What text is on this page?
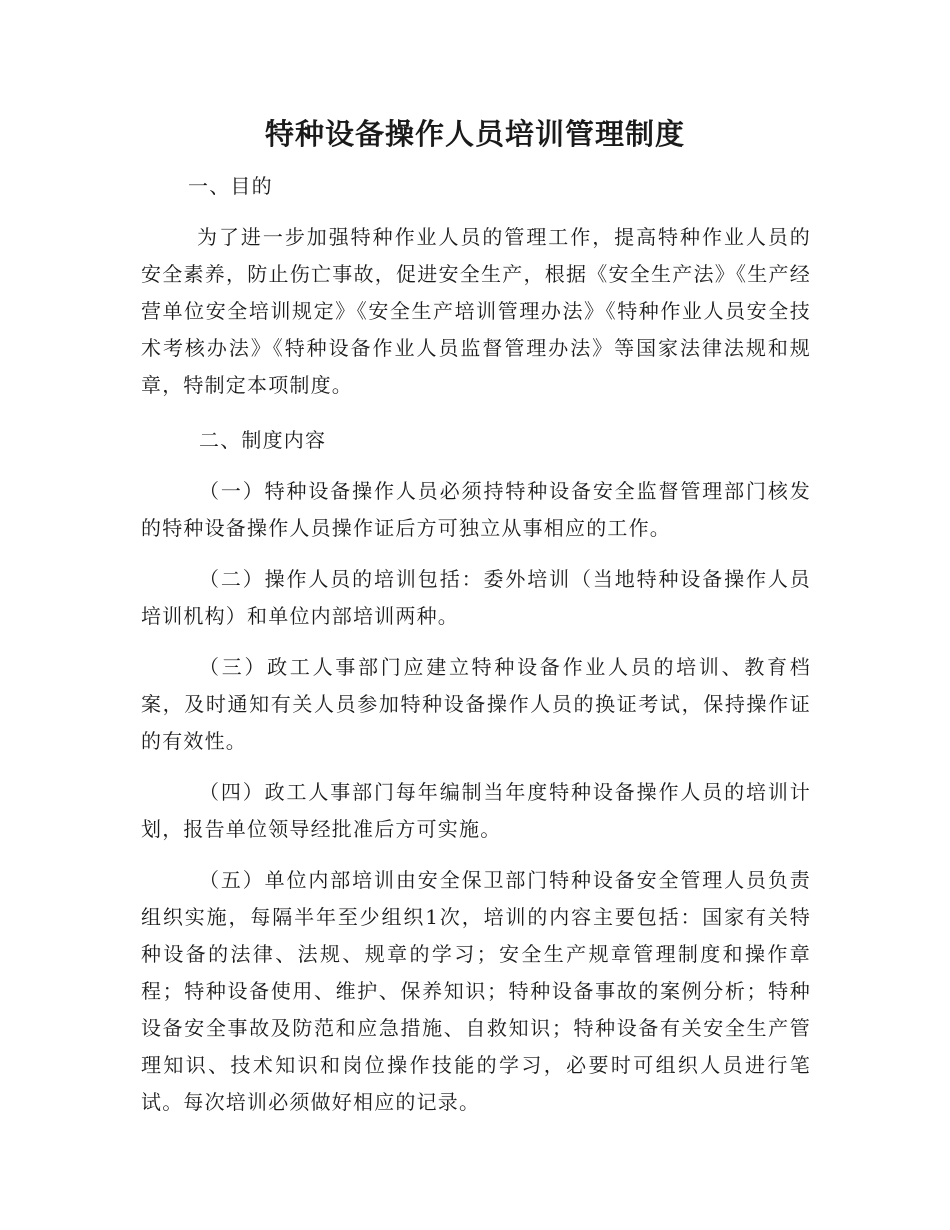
特种设备操作人员培训管理制度
一、目的
为了进一步加强特种作业人员的管理工作，提高特种作业人员的安全素养，防止伤亡事故，促进安全生产，根据《安全生产法》《生产经营单位安全培训规定》《安全生产培训管理办法》《特种作业人员安全技术考核办法》《特种设备作业人员监督管理办法》等国家法律法规和规章，特制定本项制度。
二、制度内容
（一）特种设备操作人员必须持特种设备安全监督管理部门核发的特种设备操作人员操作证后方可独立从事相应的工作。
（二）操作人员的培训包括：委外培训（当地特种设备操作人员培训机构）和单位内部培训两种。
（三）政工人事部门应建立特种设备作业人员的培训、教育档案，及时通知有关人员参加特种设备操作人员的换证考试，保持操作证的有效性。
（四）政工人事部门每年编制当年度特种设备操作人员的培训计划，报告单位领导经批准后方可实施。
（五）单位内部培训由安全保卫部门特种设备安全管理人员负责组织实施，每隔半年至少组织1次，培训的内容主要包括：国家有关特种设备的法律、法规、规章的学习；安全生产规章管理制度和操作章程；特种设备使用、维护、保养知识；特种设备事故的案例分析；特种设备安全事故及防范和应急措施、自救知识；特种设备有关安全生产管理知识、技术知识和岗位操作技能的学习，必要时可组织人员进行笔试。每次培训必须做好相应的记录。
